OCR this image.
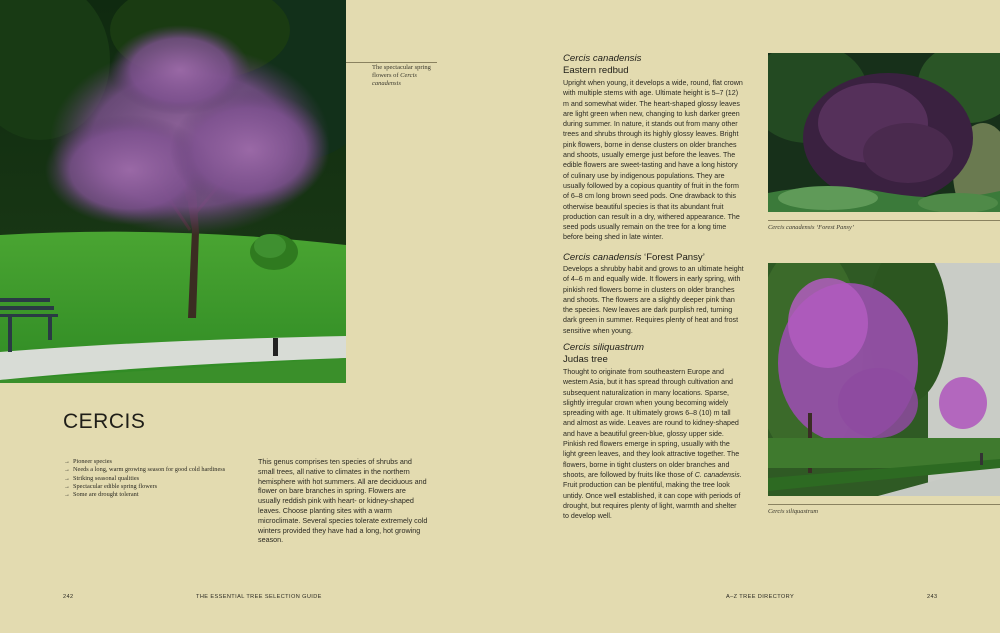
The spectacular spring flowers of Cercis canadensis
CERCIS
→ Pioneer species
→ Needs a long, warm growing season for good cold hardiness
→ Striking seasonal qualities
→ Spectacular edible spring flowers
→ Some are drought tolerant
This genus comprises ten species of shrubs and small trees, all native to climates in the northern hemisphere with hot summers. All are deciduous and flower on bare branches in spring. Flowers are usually reddish pink with heart- or kidney-shaped leaves. Choose planting sites with a warm microclimate. Several species tolerate extremely cold winters provided they have had a long, hot growing season.
Cercis canadensis
Eastern redbud
Upright when young, it develops a wide, round, flat crown with multiple stems with age. Ultimate height is 5–7 (12) m and somewhat wider. The heart-shaped glossy leaves are light green when new, changing to lush darker green during summer. In nature, it stands out from many other trees and shrubs through its highly glossy leaves. Bright pink flowers, borne in dense clusters on older branches and shoots, usually emerge just before the leaves. The edible flowers are sweet-tasting and have a long history of culinary use by indigenous populations. They are usually followed by a copious quantity of fruit in the form of 6–8 cm long brown seed pods. One drawback to this otherwise beautiful species is that its abundant fruit production can result in a dry, withered appearance. The seed pods usually remain on the tree for a long time before being shed in late winter.
Cercis canadensis ‘Forest Pansy’
Develops a shrubby habit and grows to an ultimate height of 4–6 m and equally wide. It flowers in early spring, with pinkish red flowers borne in clusters on older branches and shoots. The flowers are a slightly deeper pink than the species. New leaves are dark purplish red, turning dark green in summer. Requires plenty of heat and frost sensitive when young.
Cercis siliquastrum
Judas tree
Thought to originate from southeastern Europe and western Asia, but it has spread through cultivation and subsequent naturalization in many locations. Sparse, slightly irregular crown when young becoming widely spreading with age. It ultimately grows 6–8 (10) m tall and almost as wide. Leaves are round to kidney-shaped and have a beautiful green-blue, glossy upper side. Pinkish red flowers emerge in spring, usually with the light green leaves, and they look attractive together. The flowers, borne in tight clusters on older branches and shoots, are followed by fruits like those of C. canadensis. Fruit production can be plentiful, making the tree look untidy. Once well established, it can cope with periods of drought, but requires plenty of light, warmth and shelter to develop well.
Cercis canadensis ‘Forest Pansy’
Cercis siliquastrum
242	THE ESSENTIAL TREE SELECTION GUIDE	A–Z TREE DIRECTORY	243
